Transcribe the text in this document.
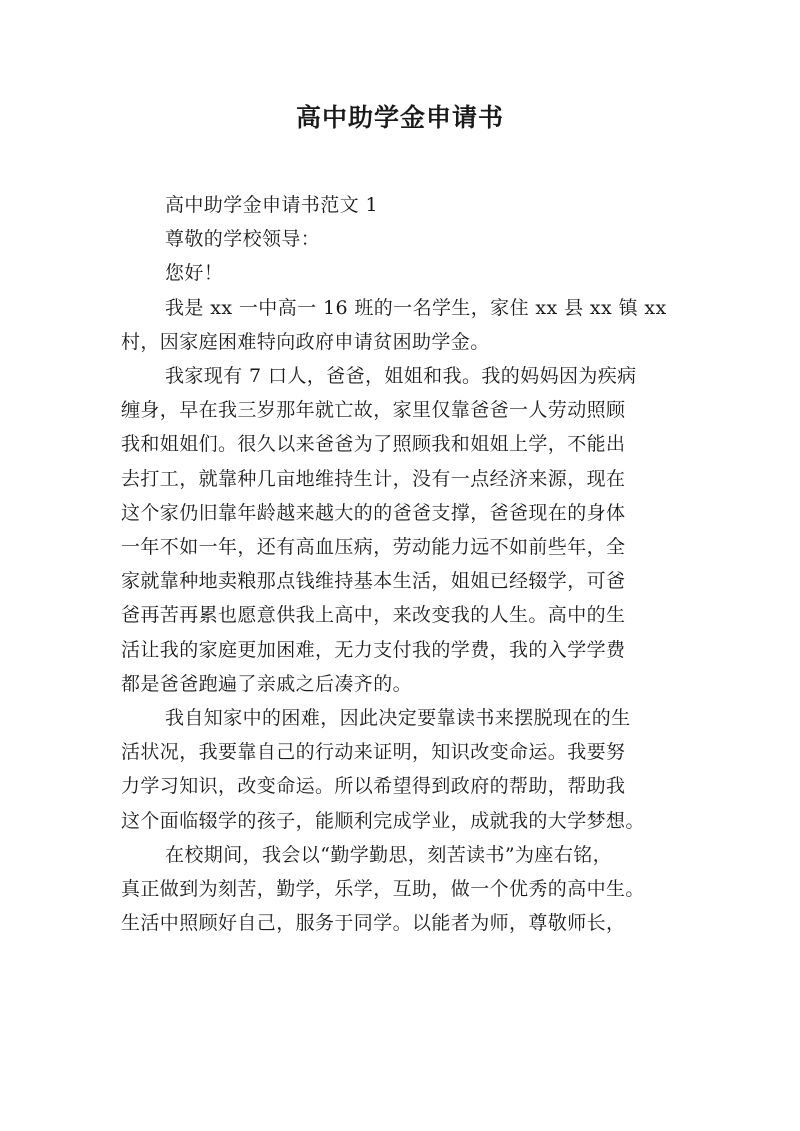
高中助学金申请书
高中助学金申请书范文 1
尊敬的学校领导：
您好！
我是 xx 一中高一 16 班的一名学生，家住 xx 县 xx 镇 xx
村，因家庭困难特向政府申请贫困助学金。
我家现有 7 口人，爸爸，姐姐和我。我的妈妈因为疾病
缠身，早在我三岁那年就亡故，家里仅靠爸爸一人劳动照顾
我和姐姐们。很久以来爸爸为了照顾我和姐姐上学，不能出
去打工，就靠种几亩地维持生计，没有一点经济来源，现在
这个家仍旧靠年龄越来越大的的爸爸支撑，爸爸现在的身体
一年不如一年，还有高血压病，劳动能力远不如前些年，全
家就靠种地卖粮那点钱维持基本生活，姐姐已经辍学，可爸
爸再苦再累也愿意供我上高中，来改变我的人生。高中的生
活让我的家庭更加困难，无力支付我的学费，我的入学学费
都是爸爸跑遍了亲戚之后凑齐的。
我自知家中的困难，因此决定要靠读书来摆脱现在的生
活状况，我要靠自己的行动来证明，知识改变命运。我要努
力学习知识，改变命运。所以希望得到政府的帮助，帮助我
这个面临辍学的孩子，能顺利完成学业，成就我的大学梦想。
在校期间，我会以“勤学勤思，刻苦读书”为座右铭，
真正做到为刻苦，勤学，乐学，互助，做一个优秀的高中生。
生活中照顾好自己，服务于同学。以能者为师，尊敬师长，
